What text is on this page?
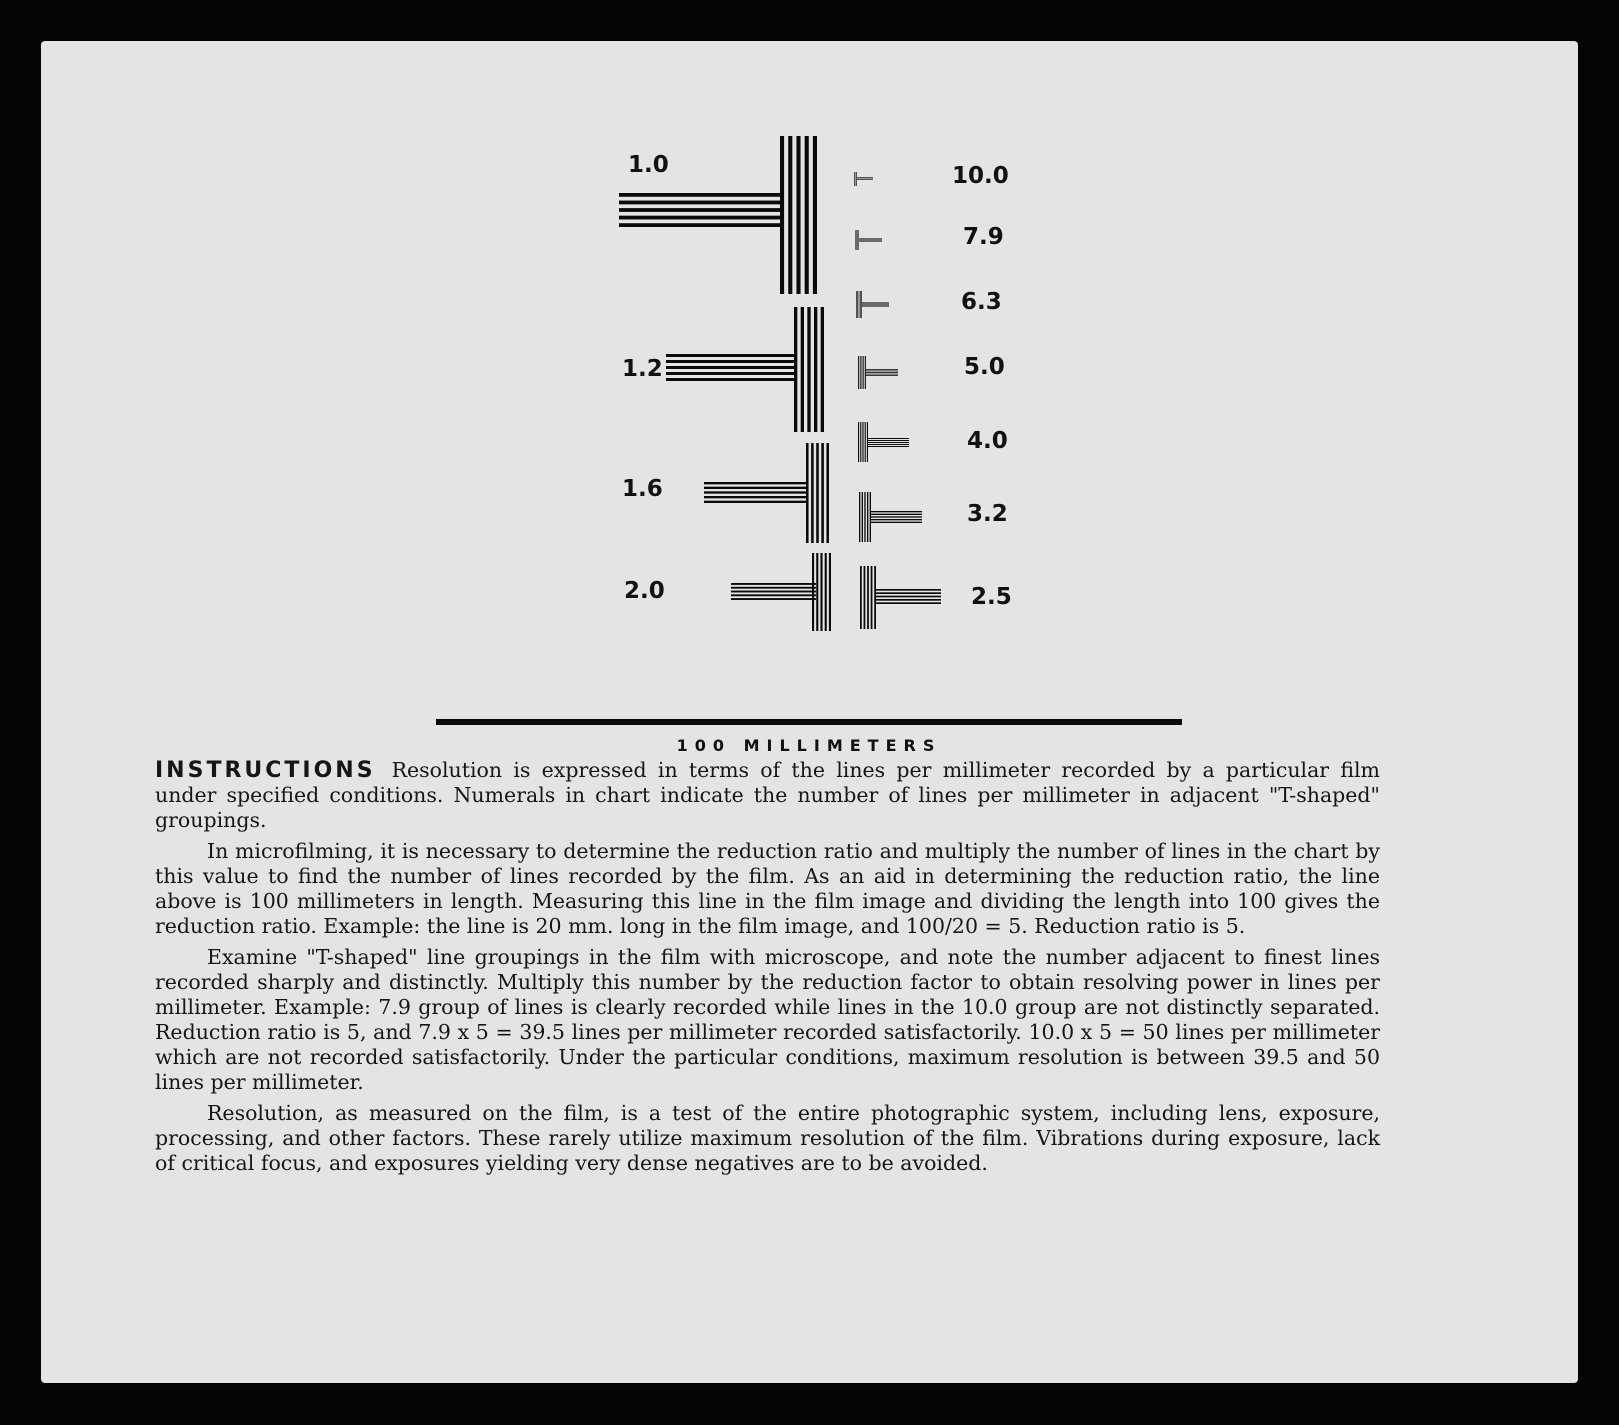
1.0
1.2
1.6
2.0
10.0
7.9
6.3
5.0
4.0
3.2
2.5
100 MILLIMETERS

INSTRUCTIONS Resolution is expressed in terms of the lines per millimeter recorded by a particular film under specified conditions. Numerals in chart indicate the number of lines per millimeter in adjacent "T-shaped" groupings.

In microfilming, it is necessary to determine the reduction ratio and multiply the number of lines in the chart by this value to find the number of lines recorded by the film. As an aid in determining the reduction ratio, the line above is 100 millimeters in length. Measuring this line in the film image and dividing the length into 100 gives the reduction ratio. Example: the line is 20 mm. long in the film image, and 100/20 = 5. Reduction ratio is 5.

Examine "T-shaped" line groupings in the film with microscope, and note the number adjacent to finest lines recorded sharply and distinctly. Multiply this number by the reduction factor to obtain resolving power in lines per millimeter. Example: 7.9 group of lines is clearly recorded while lines in the 10.0 group are not distinctly separated. Reduction ratio is 5, and 7.9 x 5 = 39.5 lines per millimeter recorded satisfactorily. 10.0 x 5 = 50 lines per millimeter which are not recorded satisfactorily. Under the particular conditions, maximum resolution is between 39.5 and 50 lines per millimeter.

Resolution, as measured on the film, is a test of the entire photographic system, including lens, exposure, processing, and other factors. These rarely utilize maximum resolution of the film. Vibrations during exposure, lack of critical focus, and exposures yielding very dense negatives are to be avoided.
